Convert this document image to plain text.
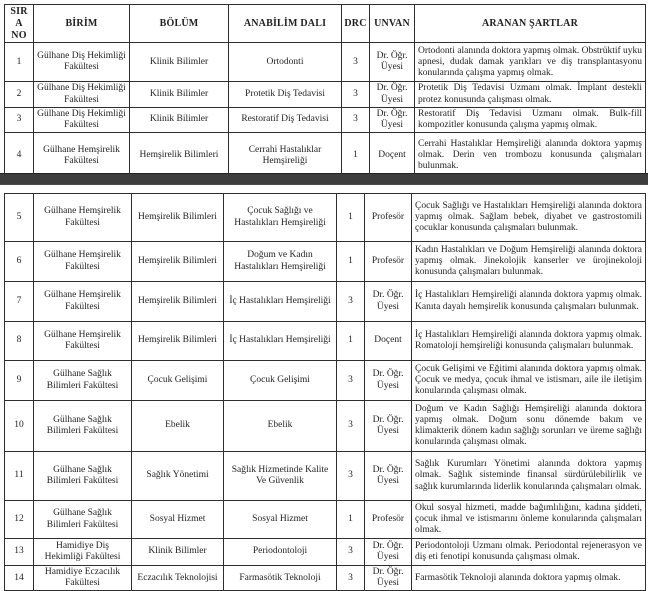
SIRA NO	BİRİM	BÖLÜM	ANABİLİM DALI	DRC	UNVAN	ARANAN ŞARTLAR
1	Gülhane Diş Hekimliği Fakültesi	Klinik Bilimler	Ortodonti	3	Dr. Öğr. Üyesi	Ortodonti alanında doktora yapmış olmak. Obstrüktif uyku apnesi, dudak damak yarıkları ve diş transplantasyonu konularında çalışma yapmış olmak.
2	Gülhane Diş Hekimliği Fakültesi	Klinik Bilimler	Protetik Diş Tedavisi	3	Dr. Öğr. Üyesi	Protetik Diş Tedavisi Uzmanı olmak. İmplant destekli protez konusunda çalışması olmak.
3	Gülhane Diş Hekimliği Fakültesi	Klinik Bilimler	Restoratif Diş Tedavisi	3	Dr. Öğr. Üyesi	Restoratif Diş Tedavisi Uzmanı olmak. Bulk-fill kompozitler konusunda çalışma yapmış olmak.
4	Gülhane Hemşirelik Fakültesi	Hemşirelik Bilimleri	Cerrahi Hastalıklar Hemşireliği	1	Doçent	Cerrahi Hastalıklar Hemşireliği alanında doktora yapmış olmak. Derin ven trombozu konusunda çalışmaları bulunmak.
5	Gülhane Hemşirelik Fakültesi	Hemşirelik Bilimleri	Çocuk Sağlığı ve Hastalıkları Hemşireliği	1	Profesör	Çocuk Sağlığı ve Hastalıkları Hemşireliği alanında doktora yapmış olmak. Sağlam bebek, diyabet ve gastrostomili çocuklar konusunda çalışmaları bulunmak.
6	Gülhane Hemşirelik Fakültesi	Hemşirelik Bilimleri	Doğum ve Kadın Hastalıkları Hemşireliği	1	Profesör	Kadın Hastalıkları ve Doğum Hemşireliği alanında doktora yapmış olmak. Jinekolojik kanserler ve ürojinekoloji konusunda çalışmaları bulunmak.
7	Gülhane Hemşirelik Fakültesi	Hemşirelik Bilimleri	İç Hastalıkları Hemşireliği	3	Dr. Öğr. Üyesi	İç Hastalıkları Hemşireliği alanında doktora yapmış olmak. Kanıta dayalı hemşirelik konusunda çalışmaları bulunmak.
8	Gülhane Hemşirelik Fakültesi	Hemşirelik Bilimleri	İç Hastalıkları Hemşireliği	1	Doçent	İç Hastalıkları Hemşireliği alanında doktora yapmış olmak. Romatoloji hemşireliği konusunda çalışmaları bulunmak.
9	Gülhane Sağlık Bilimleri Fakültesi	Çocuk Gelişimi	Çocuk Gelişimi	3	Dr. Öğr. Üyesi	Çocuk Gelişimi ve Eğitimi alanında doktora yapmış olmak. Çocuk ve medya, çocuk ihmal ve istismarı, aile ile iletişim konularında çalışması olmak.
10	Gülhane Sağlık Bilimleri Fakültesi	Ebelik	Ebelik	3	Dr. Öğr. Üyesi	Doğum ve Kadın Sağlığı Hemşireliği alanında doktora yapmış olmak. Doğum sonu dönemde bakım ve klimakterik dönem kadın sağlığı sorunları ve üreme sağlığı konularında çalışması olmak.
11	Gülhane Sağlık Bilimleri Fakültesi	Sağlık Yönetimi	Sağlık Hizmetinde Kalite Ve Güvenlik	3	Dr. Öğr. Üyesi	Sağlık Kurumları Yönetimi alanında doktora yapmış olmak. Sağlık sisteminde finansal sürdürülebilirlik ve sağlık kurumlarında liderlik konularında çalışmaları olmak.
12	Gülhane Sağlık Bilimleri Fakültesi	Sosyal Hizmet	Sosyal Hizmet	1	Profesör	Okul sosyal hizmeti, madde bağımlılığını, kadına şiddeti, çocuk ihmal ve istismarını önleme konularında çalışmaları olmak.
13	Hamidiye Diş Hekimliği Fakültesi	Klinik Bilimler	Periodontoloji	3	Dr. Öğr. Üyesi	Periodontoloji Uzmanı olmak. Periodontal rejenerasyon ve diş eti fenotipi konusunda çalışması olmak.
14	Hamidiye Eczacılık Fakültesi	Eczacılık Teknolojisi	Farmasötik Teknoloji	3	Dr. Öğr. Üyesi	Farmasötik Teknoloji alanında doktora yapmış olmak.
